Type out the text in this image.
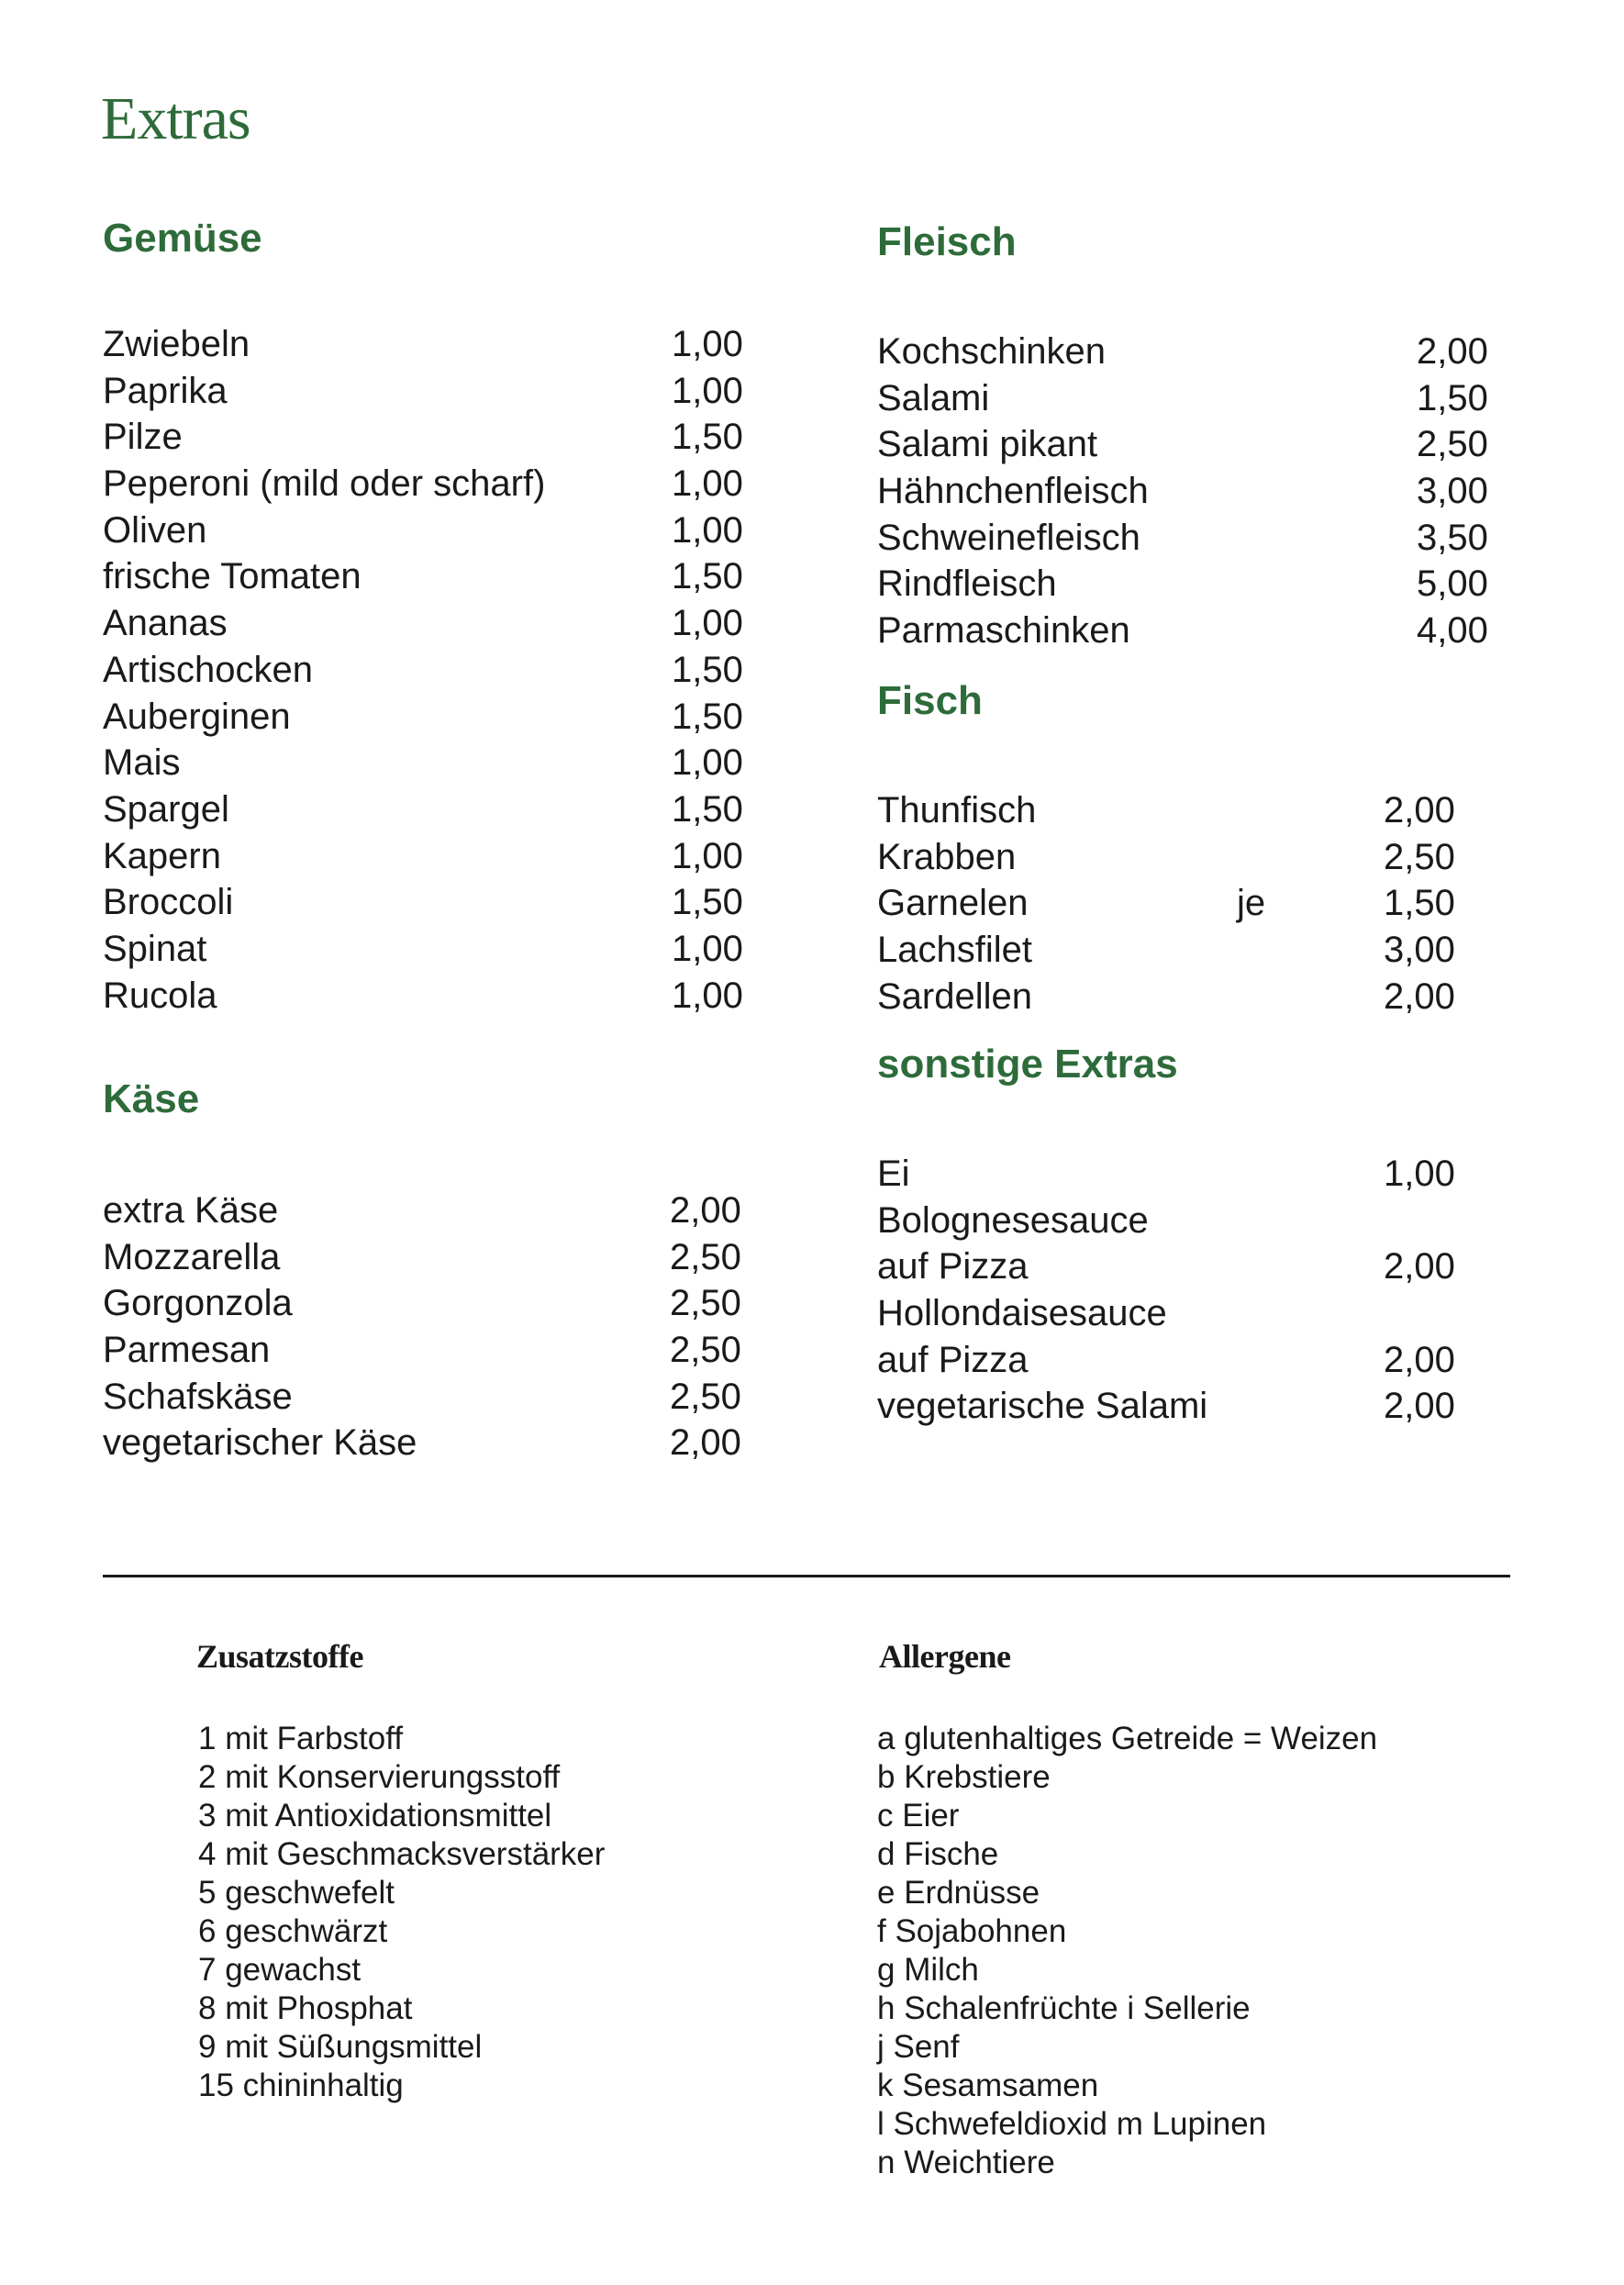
Extras
Gemüse
Zwiebeln	1,00
Paprika	1,00
Pilze	1,50
Peperoni (mild oder scharf)	1,00
Oliven	1,00
frische Tomaten	1,50
Ananas	1,00
Artischocken	1,50
Auberginen	1,50
Mais	1,00
Spargel	1,50
Kapern	1,00
Broccoli	1,50
Spinat	1,00
Rucola	1,00
Käse
extra Käse	2,00
Mozzarella	2,50
Gorgonzola	2,50
Parmesan	2,50
Schafskäse	2,50
vegetarischer Käse	2,00
Fleisch
Kochschinken	2,00
Salami	1,50
Salami pikant	2,50
Hähnchenfleisch	3,00
Schweinefleisch	3,50
Rindfleisch	5,00
Parmaschinken	4,00
Fisch
Thunfisch	2,00
Krabben	2,50
Garnelen	je	1,50
Lachsfilet	3,00
Sardellen	2,00
sonstige Extras
Ei	1,00
Bolognesesauce
auf Pizza	2,00
Hollondaisesauce
auf Pizza	2,00
vegetarische Salami	2,00
Zusatzstoffe
1 mit Farbstoff
2 mit Konservierungsstoff
3 mit Antioxidationsmittel
4 mit Geschmacksverstärker
5 geschwefelt
6 geschwärzt
7 gewachst
8 mit Phosphat
9 mit Süßungsmittel
15 chininhaltig
Allergene
a glutenhaltiges Getreide = Weizen
b Krebstiere
c Eier
d Fische
e Erdnüsse
f Sojabohnen
g Milch
h Schalenfrüchte i Sellerie
j Senf
k Sesamsamen
l Schwefeldioxid m Lupinen
n Weichtiere
